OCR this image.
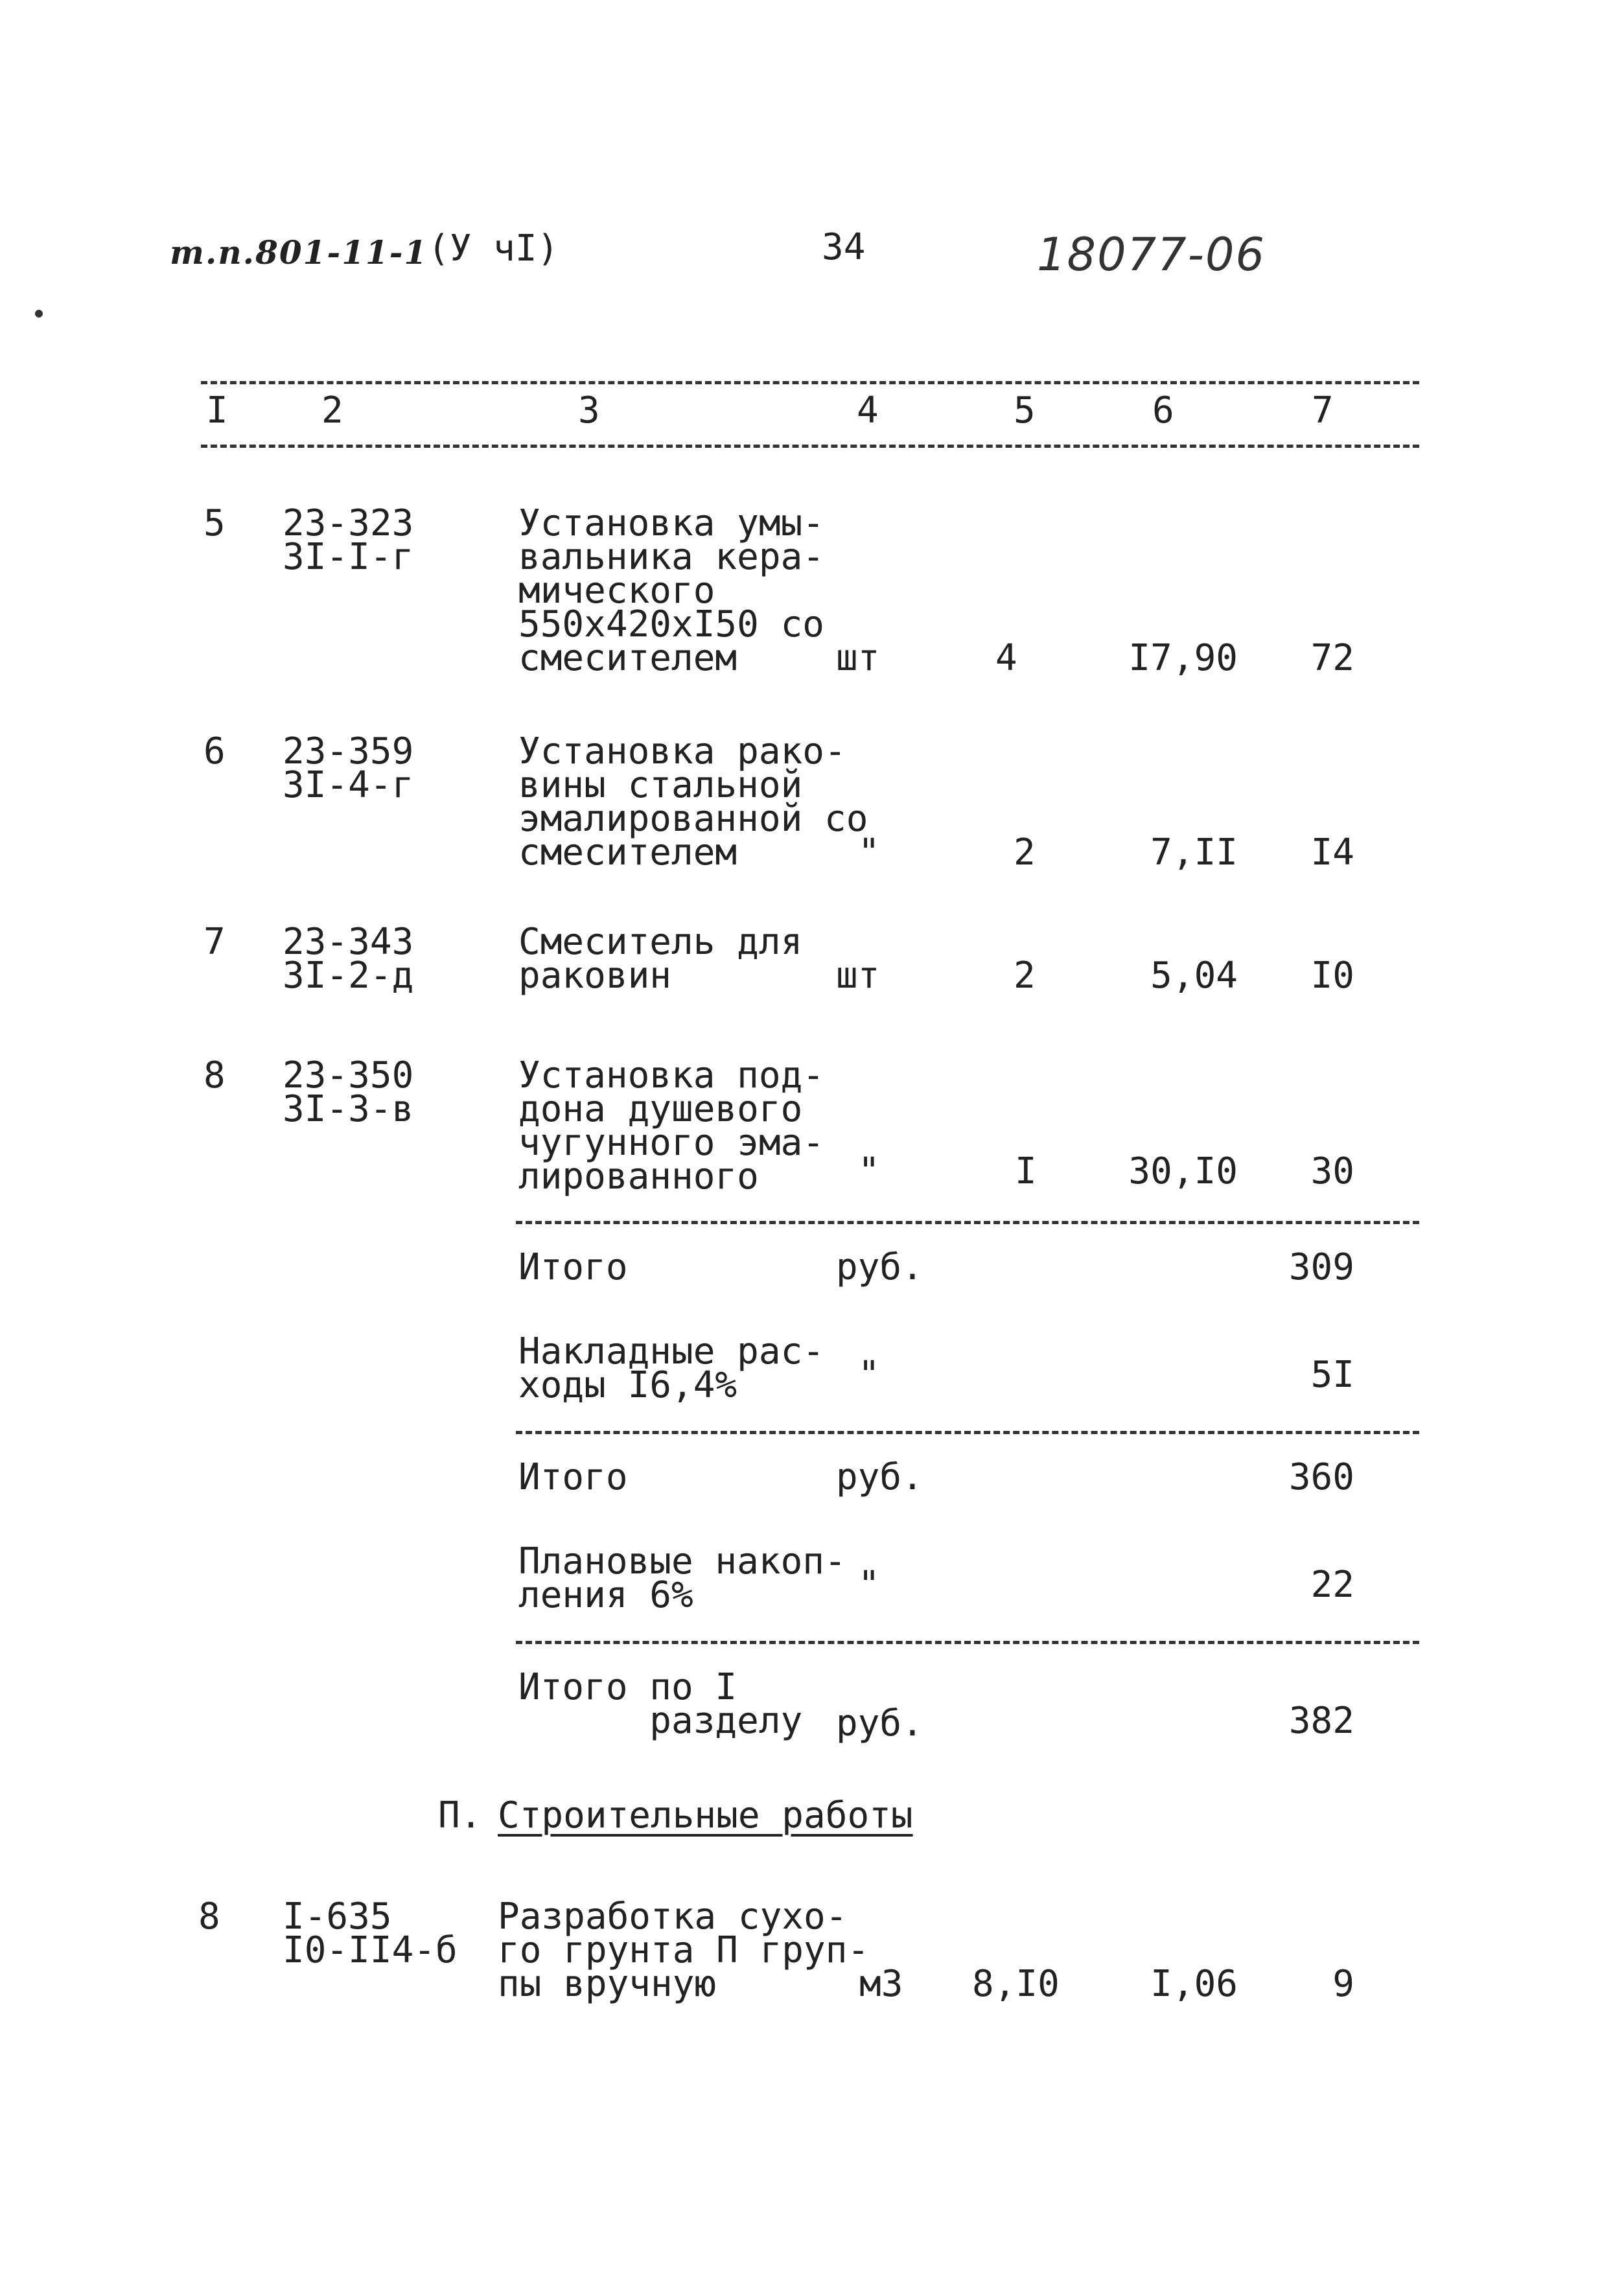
т.п.801-11-1 (У чI)	34	18077-06
I	2	3	4	5	6	7
5 23-323
3I-I-г
Установка умы-
вальника кера-
мического
550х420хI50 со
смесителем	шт	4	I7,90	72
6 23-359
3I-4-г
Установка рако-
вины стальной
эмалированной со
смесителем	"	2	7,II	I4
7 23-343
3I-2-д
Смеситель для
раковин	шт	2	5,04	I0
8 23-350
3I-3-в
Установка под-
дона душевого
чугунного эма-
лированного	"	I	30,I0	30
Итого	руб.	309
Накладные рас-
ходы I6,4%	"	5I
Итого	руб.	360
Плановые накоп-
ления 6%	"	22
Итого по I
разделу руб.	382
П. Строительные работы
8 I-635
I0-II4-б
Разработка сухо-
го грунта П груп-
пы вручную	м3 8,I0	I,06	9
